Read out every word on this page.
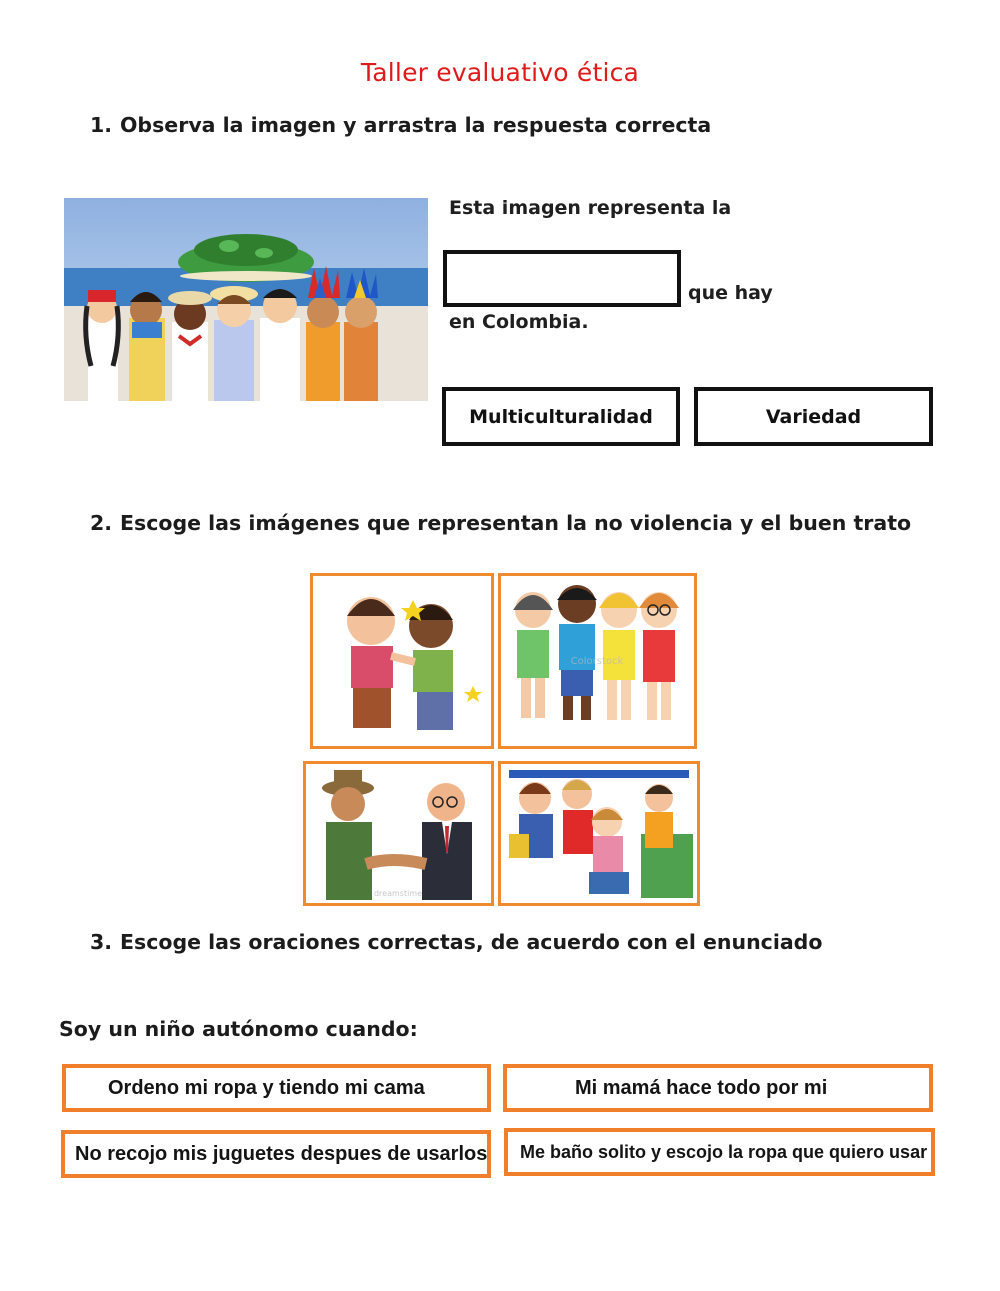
Taller evaluativo ética
1. Observa la imagen y arrastra la respuesta correcta
Esta imagen representa la
que hay
en Colombia.
Multiculturalidad	Variedad
2. Escoge las imágenes que representan la no violencia y el buen trato
Colorstock
dreamstime
3. Escoge las oraciones correctas, de acuerdo con el enunciado
Soy un niño autónomo cuando:
Ordeno mi ropa y tiendo mi cama	Mi mamá hace todo por mi
No recojo mis juguetes despues de usarlos	Me baño solito y escojo la ropa que quiero usar
